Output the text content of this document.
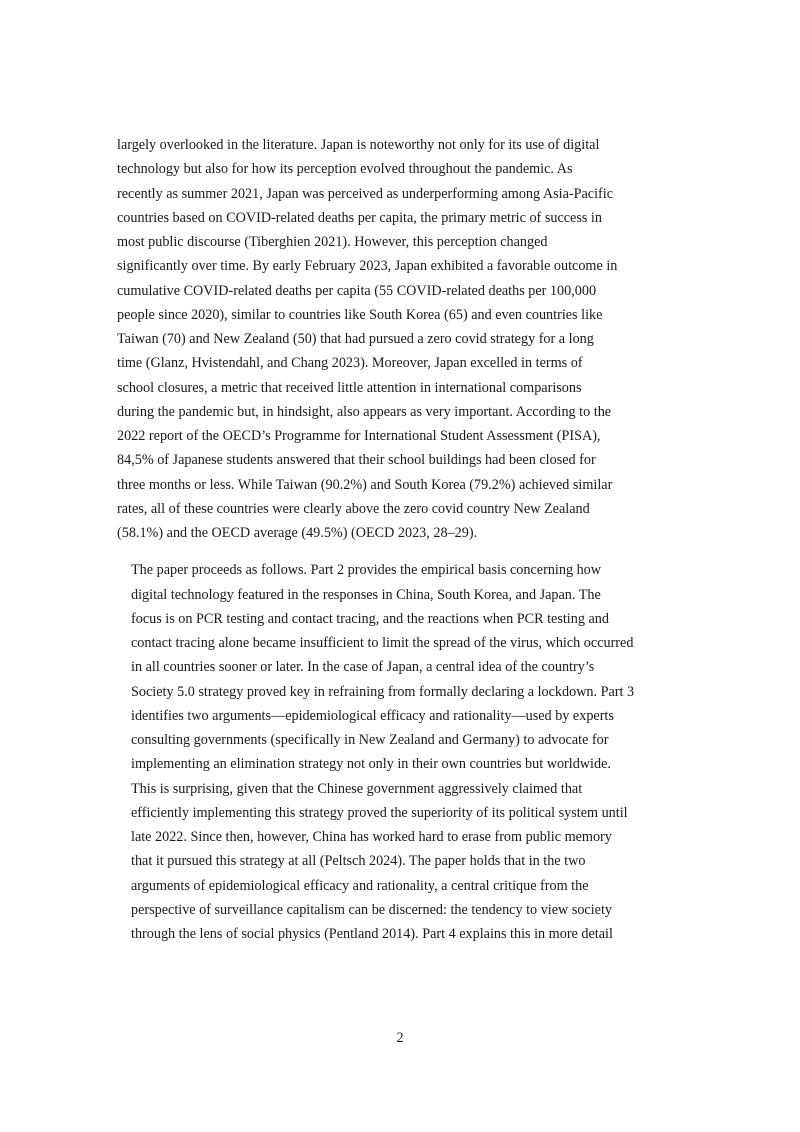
largely overlooked in the literature. Japan is noteworthy not only for its use of digital
technology but also for how its perception evolved throughout the pandemic. As
recently as summer 2021, Japan was perceived as underperforming among Asia-Pacific
countries based on COVID-related deaths per capita, the primary metric of success in
most public discourse (Tiberghien 2021). However, this perception changed
significantly over time. By early February 2023, Japan exhibited a favorable outcome in
cumulative COVID-related deaths per capita (55 COVID-related deaths per 100,000
people since 2020), similar to countries like South Korea (65) and even countries like
Taiwan (70) and New Zealand (50) that had pursued a zero covid strategy for a long
time (Glanz, Hvistendahl, and Chang 2023). Moreover, Japan excelled in terms of
school closures, a metric that received little attention in international comparisons
during the pandemic but, in hindsight, also appears as very important. According to the
2022 report of the OECD’s Programme for International Student Assessment (PISA),
84,5% of Japanese students answered that their school buildings had been closed for
three months or less. While Taiwan (90.2%) and South Korea (79.2%) achieved similar
rates, all of these countries were clearly above the zero covid country New Zealand
(58.1%) and the OECD average (49.5%) (OECD 2023, 28–29).

The paper proceeds as follows. Part 2 provides the empirical basis concerning how
digital technology featured in the responses in China, South Korea, and Japan. The
focus is on PCR testing and contact tracing, and the reactions when PCR testing and
contact tracing alone became insufficient to limit the spread of the virus, which occurred
in all countries sooner or later. In the case of Japan, a central idea of the country’s
Society 5.0 strategy proved key in refraining from formally declaring a lockdown. Part 3
identifies two arguments—epidemiological efficacy and rationality—used by experts
consulting governments (specifically in New Zealand and Germany) to advocate for
implementing an elimination strategy not only in their own countries but worldwide.
This is surprising, given that the Chinese government aggressively claimed that
efficiently implementing this strategy proved the superiority of its political system until
late 2022. Since then, however, China has worked hard to erase from public memory
that it pursued this strategy at all (Peltsch 2024). The paper holds that in the two
arguments of epidemiological efficacy and rationality, a central critique from the
perspective of surveillance capitalism can be discerned: the tendency to view society
through the lens of social physics (Pentland 2014). Part 4 explains this in more detail

2
